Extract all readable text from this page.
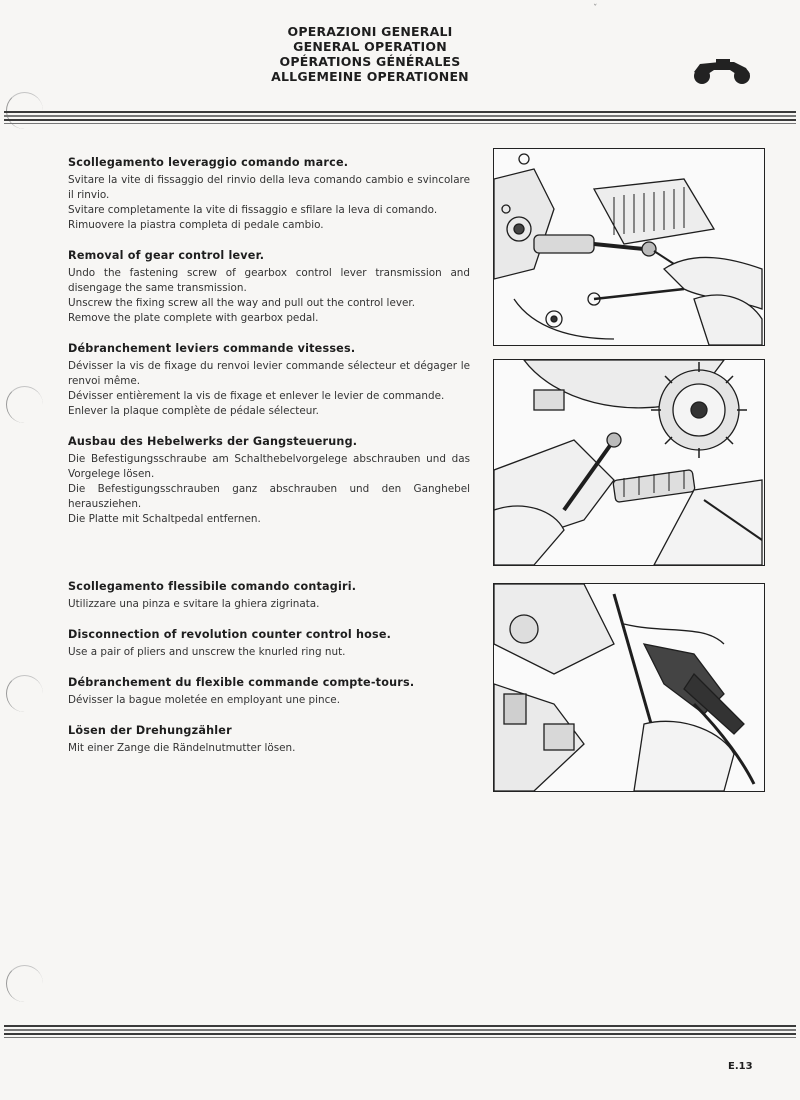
ˇ
OPERAZIONI GENERALI
GENERAL OPERATION
OPÉRATIONS GÉNÉRALES
ALLGEMEINE OPERATIONEN
Scollegamento leveraggio comando marce.

Svitare la vite di fissaggio del rinvio della leva comando cambio e svincolare il rinvio.

Svitare completamente la vite di fissaggio e sfilare la leva di comando.

Rimuovere la piastra completa di pedale cambio.

Removal of gear control lever.

Undo the fastening screw of gearbox control lever transmission and disengage the same transmission.

Unscrew the fixing screw all the way and pull out the control lever.

Remove the plate complete with gearbox pedal.

Débranchement leviers commande vitesses.

Dévisser la vis de fixage du renvoi levier commande sélecteur et dégager le renvoi même.

Dévisser entièrement la vis de fixage et enlever le levier de commande.

Enlever la plaque complète de pédale sélecteur.

Ausbau des Hebelwerks der Gangsteuerung.

Die Befestigungsschraube am Schalthebelvorgelege abschrauben und das Vorgelege lösen.

Die Befestigungsschrauben ganz abschrauben und den Ganghebel herausziehen.

Die Platte mit Schaltpedal entfernen.

Scollegamento flessibile comando contagiri.

Utilizzare una pinza e svitare la ghiera zigrinata.

Disconnection of revolution counter control hose.

Use a pair of pliers and unscrew the knurled ring nut.

Débranchement du flexible commande compte-tours.

Dévisser la bague moletée en employant une pince.

Lösen der Drehungzähler

Mit einer Zange die Rändelnutmutter lösen.

E.13
